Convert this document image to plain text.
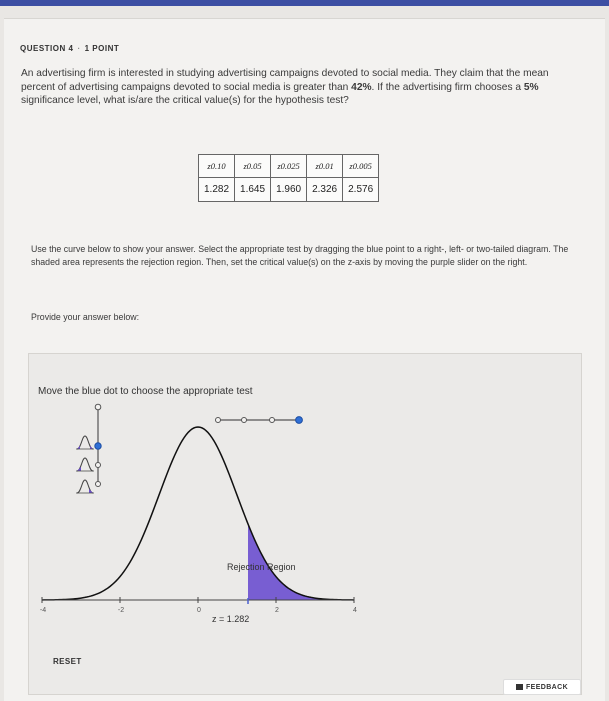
QUESTION 4 · 1 POINT
An advertising firm is interested in studying advertising campaigns devoted to social media. They claim that the mean percent of advertising campaigns devoted to social media is greater than 42%. If the advertising firm chooses a 5% significance level, what is/are the critical value(s) for the hypothesis test?
z0.10	z0.05	z0.025	z0.01	z0.005
1.282	1.645	1.960	2.326	2.576
Use the curve below to show your answer. Select the appropriate test by dragging the blue point to a right-, left- or two-tailed diagram. The shaded area represents the rejection region. Then, set the critical value(s) on the z-axis by moving the purple slider on the right.
Provide your answer below:
Move the blue dot to choose the appropriate test
-4	-2	0	2	4
Rejection Region
z = 1.282
RESET
FEEDBACK
